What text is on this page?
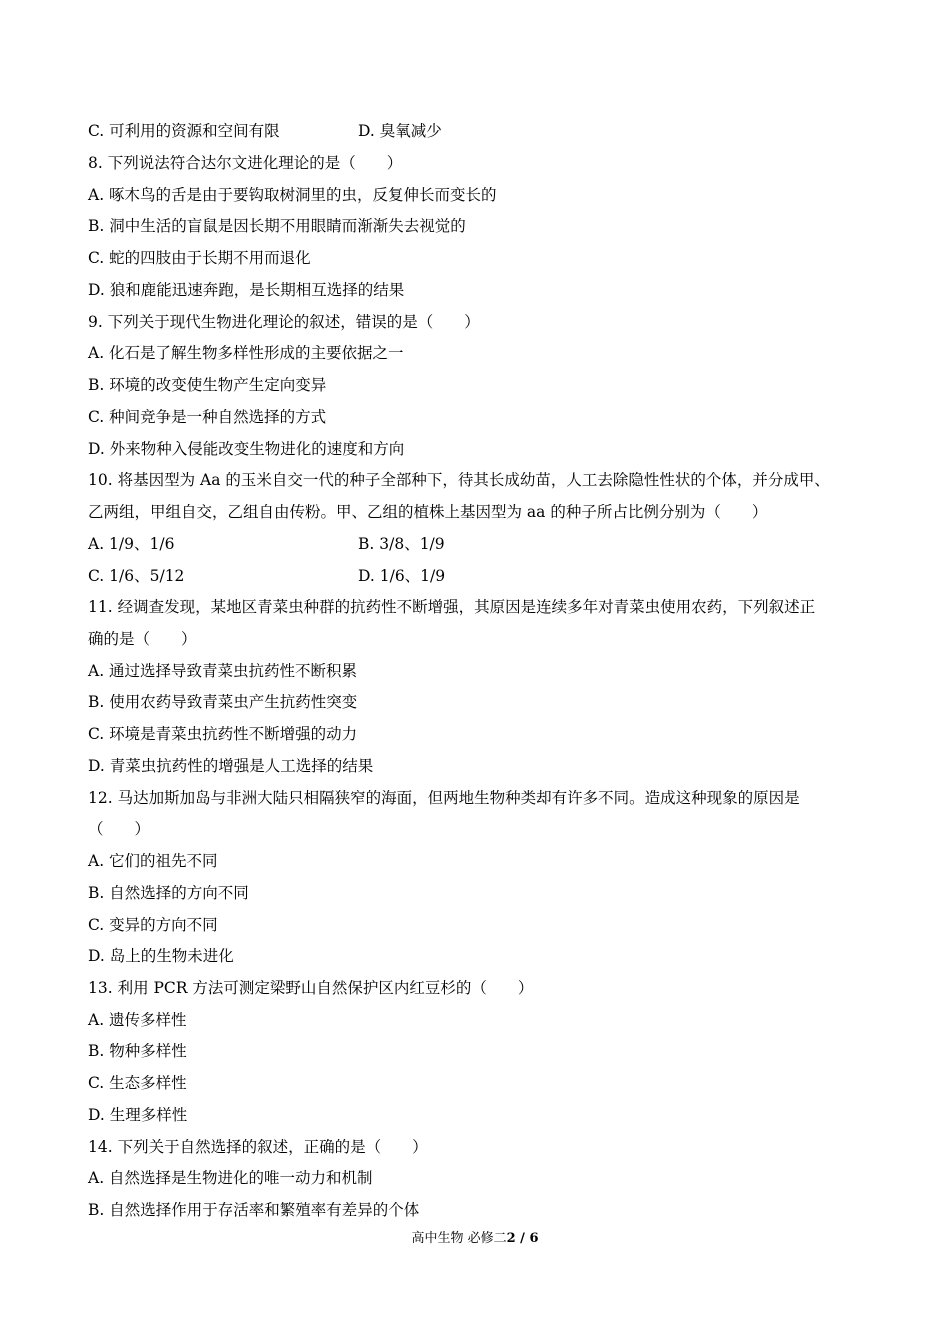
C. 可利用的资源和空间有限	D. 臭氧减少
8. 下列说法符合达尔文进化理论的是（　　）
A. 啄木鸟的舌是由于要钩取树洞里的虫，反复伸长而变长的
B. 洞中生活的盲鼠是因长期不用眼睛而渐渐失去视觉的
C. 蛇的四肢由于长期不用而退化
D. 狼和鹿能迅速奔跑，是长期相互选择的结果
9. 下列关于现代生物进化理论的叙述，错误的是（　　）
A. 化石是了解生物多样性形成的主要依据之一
B. 环境的改变使生物产生定向变异
C. 种间竞争是一种自然选择的方式
D. 外来物种入侵能改变生物进化的速度和方向
10. 将基因型为 Aa 的玉米自交一代的种子全部种下，待其长成幼苗，人工去除隐性性状的个体，并分成甲、
乙两组，甲组自交，乙组自由传粉。甲、乙组的植株上基因型为 aa 的种子所占比例分别为（　　）
A. 1/9、1/6	B. 3/8、1/9
C. 1/6、5/12	D. 1/6、1/9
11. 经调查发现，某地区青菜虫种群的抗药性不断增强，其原因是连续多年对青菜虫使用农药，下列叙述正
确的是（　　）
A. 通过选择导致青菜虫抗药性不断积累
B. 使用农药导致青菜虫产生抗药性突变
C. 环境是青菜虫抗药性不断增强的动力
D. 青菜虫抗药性的增强是人工选择的结果
12. 马达加斯加岛与非洲大陆只相隔狭窄的海面，但两地生物种类却有许多不同。造成这种现象的原因是
（　　）
A. 它们的祖先不同
B. 自然选择的方向不同
C. 变异的方向不同
D. 岛上的生物未进化
13. 利用 PCR 方法可测定梁野山自然保护区内红豆杉的（　　）
A. 遗传多样性
B. 物种多样性
C. 生态多样性
D. 生理多样性
14. 下列关于自然选择的叙述，正确的是（　　）
A. 自然选择是生物进化的唯一动力和机制
B. 自然选择作用于存活率和繁殖率有差异的个体
高中生物 必修二2 / 6
